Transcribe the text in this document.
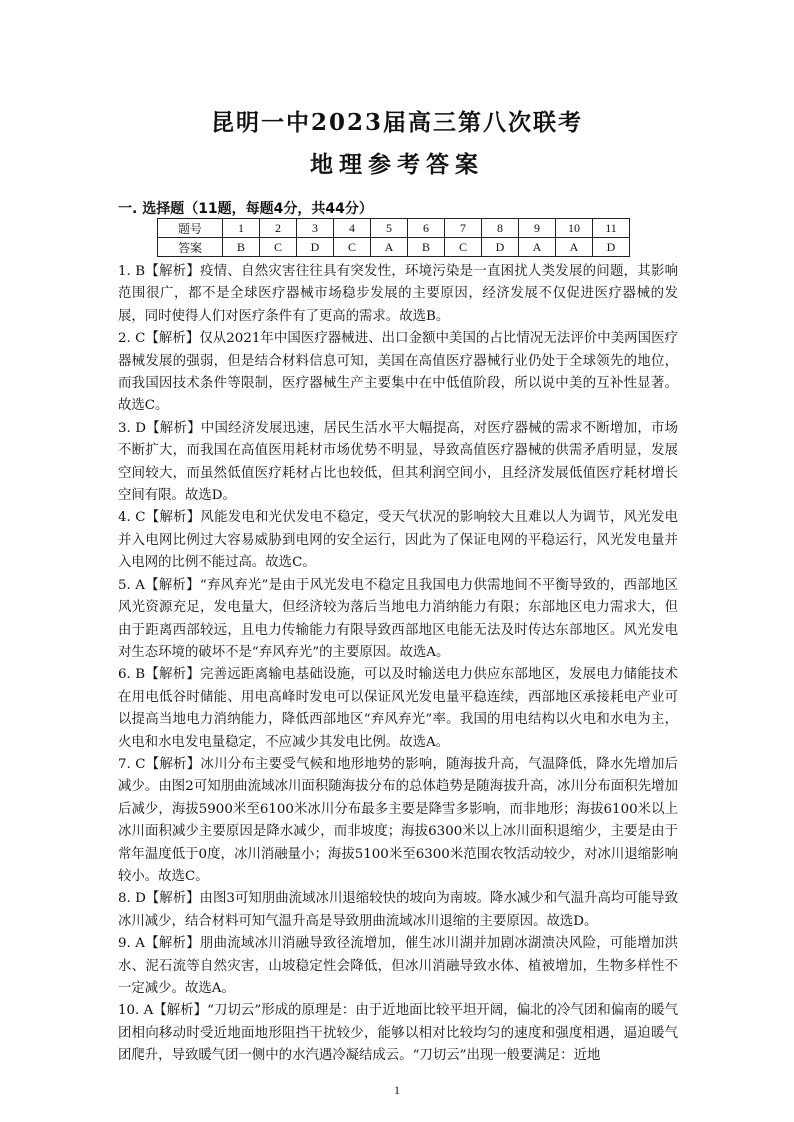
昆明一中2023届高三第八次联考
地理参考答案
一. 选择题（11题，每题4分，共44分）
题号	1	2	3	4	5	6	7	8	9	10	11
答案	B	C	D	C	A	B	C	D	A	A	D

1. B【解析】疫情、自然灾害往往具有突发性，环境污染是一直困扰人类发展的问题，其影响范围很广，都不是全球医疗器械市场稳步发展的主要原因，经济发展不仅促进医疗器械的发展，同时使得人们对医疗条件有了更高的需求。故选B。

2. C【解析】仅从2021年中国医疗器械进、出口金额中美国的占比情况无法评价中美两国医疗器械发展的强弱，但是结合材料信息可知，美国在高值医疗器械行业仍处于全球领先的地位，而我国因技术条件等限制，医疗器械生产主要集中在中低值阶段，所以说中美的互补性显著。故选C。

3. D【解析】中国经济发展迅速，居民生活水平大幅提高，对医疗器械的需求不断增加，市场不断扩大，而我国在高值医用耗材市场优势不明显，导致高值医疗器械的供需矛盾明显，发展空间较大，而虽然低值医疗耗材占比也较低，但其利润空间小，且经济发展低值医疗耗材增长空间有限。故选D。

4. C【解析】风能发电和光伏发电不稳定，受天气状况的影响较大且难以人为调节，风光发电并入电网比例过大容易威胁到电网的安全运行，因此为了保证电网的平稳运行，风光发电量并入电网的比例不能过高。故选C。

5. A【解析】“弃风弃光”是由于风光发电不稳定且我国电力供需地间不平衡导致的，西部地区风光资源充足，发电量大，但经济较为落后当地电力消纳能力有限；东部地区电力需求大，但由于距离西部较远，且电力传输能力有限导致西部地区电能无法及时传达东部地区。风光发电对生态环境的破坏不是“弃风弃光”的主要原因。故选A。

6. B【解析】完善远距离输电基础设施，可以及时输送电力供应东部地区，发展电力储能技术在用电低谷时储能、用电高峰时发电可以保证风光发电量平稳连续，西部地区承接耗电产业可以提高当地电力消纳能力，降低西部地区“弃风弃光”率。我国的用电结构以火电和水电为主，火电和水电发电量稳定，不应减少其发电比例。故选A。

7. C【解析】冰川分布主要受气候和地形地势的影响，随海拔升高，气温降低，降水先增加后减少。由图2可知朋曲流域冰川面积随海拔分布的总体趋势是随海拔升高，冰川分布面积先增加后减少，海拔5900米至6100米冰川分布最多主要是降雪多影响，而非地形；海拔6100米以上冰川面积减少主要原因是降水减少，而非坡度；海拔6300米以上冰川面积退缩少，主要是由于常年温度低于0度，冰川消融量小；海拔5100米至6300米范围农牧活动较少，对冰川退缩影响较小。故选C。

8. D【解析】由图3可知朋曲流域冰川退缩较快的坡向为南坡。降水减少和气温升高均可能导致冰川减少，结合材料可知气温升高是导致朋曲流域冰川退缩的主要原因。故选D。

9. A【解析】朋曲流域冰川消融导致径流增加，催生冰川湖并加剧冰湖溃决风险，可能增加洪水、泥石流等自然灾害，山坡稳定性会降低，但冰川消融导致水体、植被增加，生物多样性不一定减少。故选A。

10. A【解析】“刀切云”形成的原理是：由于近地面比较平坦开阔，偏北的冷气团和偏南的暖气团相向移动时受近地面地形阻挡干扰较少，能够以相对比较均匀的速度和强度相遇，逼迫暖气团爬升，导致暖气团一侧中的水汽遇冷凝结成云。“刀切云”出现一般要满足：近地

1
